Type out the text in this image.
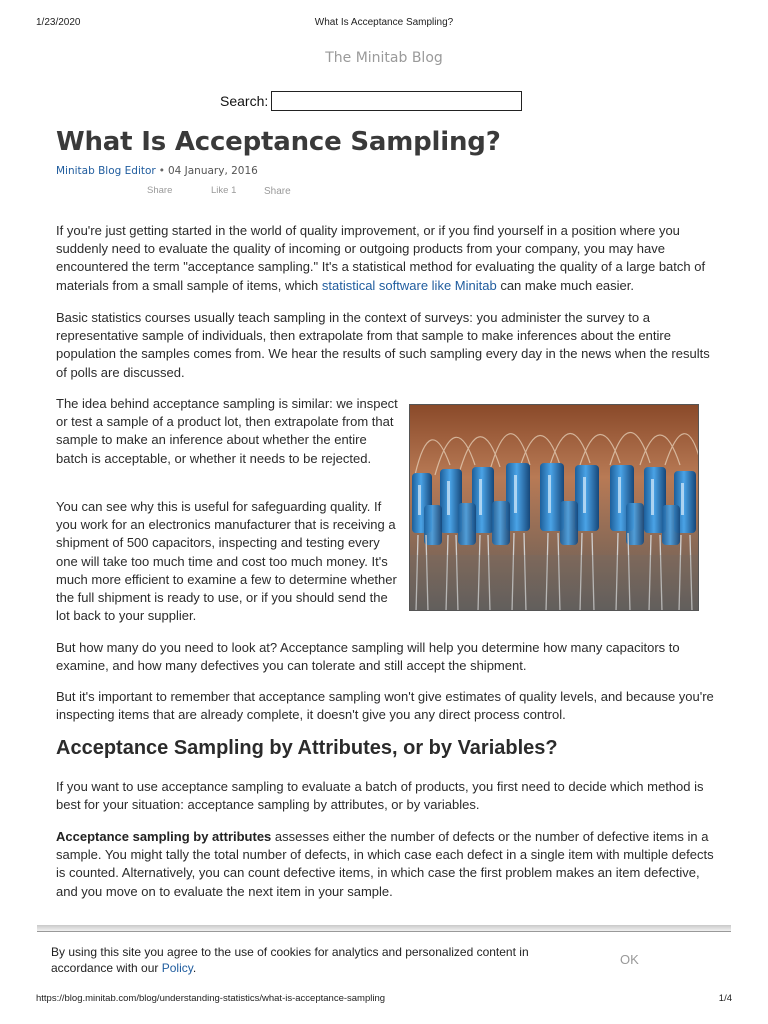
1/23/2020	What Is Acceptance Sampling?
The Minitab Blog
Search:
What Is Acceptance Sampling?
Minitab Blog Editor • 04 January, 2016
Share	Like 1	Share

If you're just getting started in the world of quality improvement, or if you find yourself in a position where you suddenly need to evaluate the quality of incoming or outgoing products from your company, you may have encountered the term "acceptance sampling." It's a statistical method for evaluating the quality of a large batch of materials from a small sample of items, which statistical software like Minitab can make much easier.

Basic statistics courses usually teach sampling in the context of surveys: you administer the survey to a representative sample of individuals, then extrapolate from that sample to make inferences about the entire population the samples comes from. We hear the results of such sampling every day in the news when the results of polls are discussed.

The idea behind acceptance sampling is similar: we inspect or test a sample of a product lot, then extrapolate from that sample to make an inference about whether the entire batch is acceptable, or whether it needs to be rejected.

You can see why this is useful for safeguarding quality. If you work for an electronics manufacturer that is receiving a shipment of 500 capacitors, inspecting and testing every one will take too much time and cost too much money. It's much more efficient to examine a few to determine whether the full shipment is ready to use, or if you should send the lot back to your supplier.

But how many do you need to look at? Acceptance sampling will help you determine how many capacitors to examine, and how many defectives you can tolerate and still accept the shipment.

But it's important to remember that acceptance sampling won't give estimates of quality levels, and because you're inspecting items that are already complete, it doesn't give you any direct process control.

Acceptance Sampling by Attributes, or by Variables?

If you want to use acceptance sampling to evaluate a batch of products, you first need to decide which method is best for your situation: acceptance sampling by attributes, or by variables.

Acceptance sampling by attributes assesses either the number of defects or the number of defective items in a sample. You might tally the total number of defects, in which case each defect in a single item with multiple defects is counted. Alternatively, you can count defective items, in which case the first problem makes an item defective, and you move on to evaluate the next item in your sample.

By using this site you agree to the use of cookies for analytics and personalized content in accordance with our Policy.
OK
https://blog.minitab.com/blog/understanding-statistics/what-is-acceptance-sampling	1/4
